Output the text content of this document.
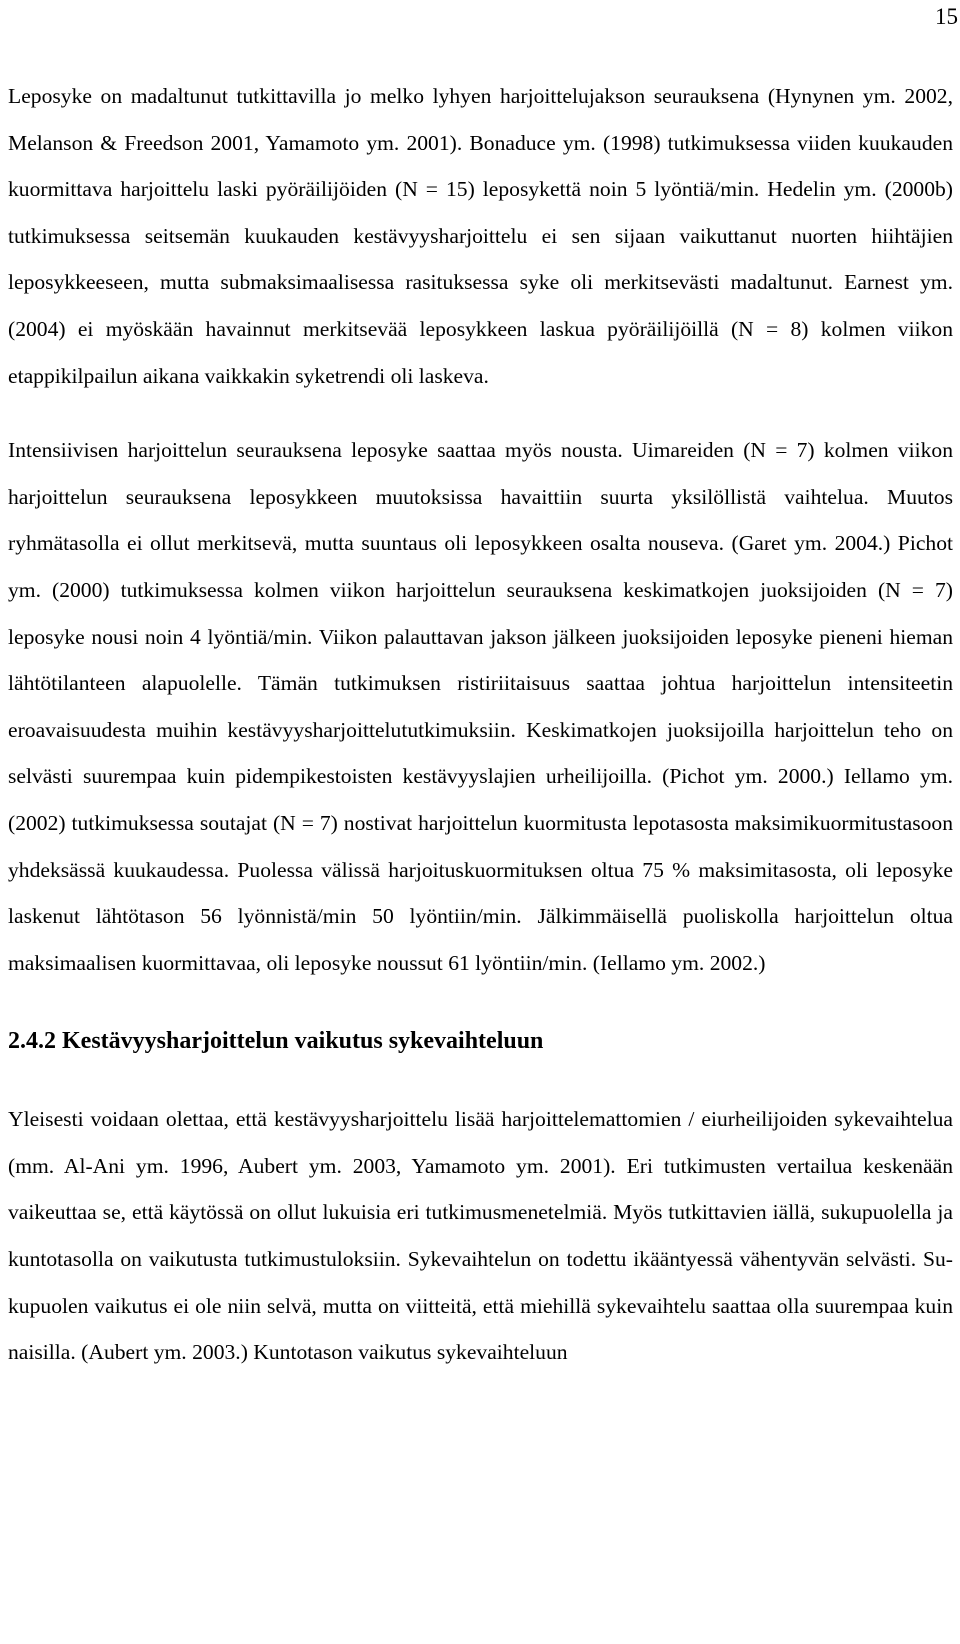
15

Leposyke on madaltunut tutkittavilla jo melko lyhyen harjoittelujakson seurauksena (Hynynen ym. 2002, Melanson & Freedson 2001, Yamamoto ym. 2001). Bonaduce ym. (1998) tutkimuksessa viiden kuukauden kuormittava harjoittelu laski pyöräilijöiden (N = 15) leposykettä noin 5 lyöntiä/min. Hedelin ym. (2000b) tutkimuksessa seitsemän kuukauden kestävyysharjoittelu ei sen sijaan vaikuttanut nuorten hiihtäjien leposykkeeseen, mutta submaksimaalisessa rasituksessa syke oli merkitsevästi madaltunut. Earnest ym. (2004) ei myöskään havainnut merkitsevää leposykkeen laskua pyöräilijöillä (N = 8) kolmen viikon etappikilpailun aikana vaikkakin syketrendi oli laskeva.

Intensiivisen harjoittelun seurauksena leposyke saattaa myös nousta. Uimareiden (N = 7) kolmen viikon harjoittelun seurauksena leposykkeen muutoksissa havaittiin suurta yksilöllistä vaihtelua. Muutos ryhmätasolla ei ollut merkitsevä, mutta suuntaus oli leposykkeen osalta nouseva. (Garet ym. 2004.) Pichot ym. (2000) tutkimuksessa kolmen viikon harjoittelun seurauksena keskimatkojen juoksijoiden (N = 7) leposyke nousi noin 4 lyöntiä/min. Viikon palauttavan jakson jälkeen juoksijoiden leposyke pieneni hieman lähtötilanteen alapuolelle. Tämän tutkimuksen ristiriitaisuus saattaa johtua harjoittelun intensiteetin eroavaisuudesta muihin kestävyysharjoittelututkimuksiin. Keskimatkojen juoksijoilla harjoittelun teho on selvästi suurempaa kuin pidempikestoisten kestävyyslajien urheilijoilla. (Pichot ym. 2000.) Iellamo ym. (2002) tutkimuksessa soutajat (N = 7) nostivat harjoittelun kuormitusta lepotasosta maksimikuormitustasoon yhdeksässä kuukaudessa. Puolessa välissä harjoituskuormituksen oltua 75 % maksimitasosta, oli leposyke laskenut lähtötason 56 lyönnistä/min 50 lyöntiin/min. Jälkimmäisellä puoliskolla harjoittelun oltua maksimaalisen kuormittavaa, oli leposyke noussut 61 lyöntiin/min. (Iellamo ym. 2002.)

2.4.2 Kestävyysharjoittelun vaikutus sykevaihteluun

Yleisesti voidaan olettaa, että kestävyysharjoittelu lisää harjoittelemattomien / eiurheilijoiden sykevaihtelua (mm. Al-Ani ym. 1996, Aubert ym. 2003, Yamamoto ym. 2001). Eri tutkimusten vertailua keskenään vaikeuttaa se, että käytössä on ollut lukuisia eri tutkimusmenetelmiä. Myös tutkittavien iällä, sukupuolella ja kuntotasolla on vaikutusta tutkimustuloksiin. Sykevaihtelun on todettu ikääntyessä vähentyvän selvästi. Sukupuolen vaikutus ei ole niin selvä, mutta on viitteitä, että miehillä sykevaihtelu saattaa olla suurempaa kuin naisilla. (Aubert ym. 2003.) Kuntotason vaikutus sykevaihteluun
